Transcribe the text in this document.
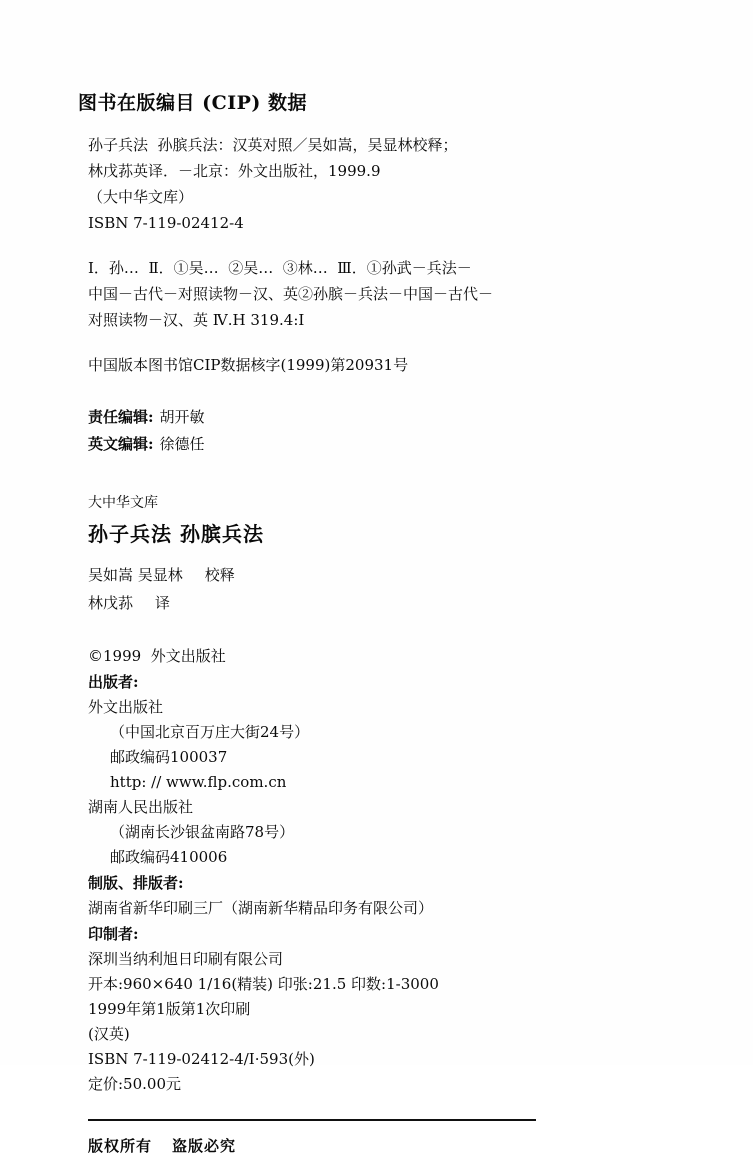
图书在版编目 (CIP) 数据
孙子兵法  孙膑兵法：汉英对照／吴如嵩，吴显林校释；
林戊荪英译．－北京：外文出版社，1999.9
（大中华文库）
ISBN 7-119-02412-4
Ⅰ．孙…  Ⅱ．①吴…  ②吴…  ③林…  Ⅲ．①孙武－兵法－
中国－古代－对照读物－汉、英②孙膑－兵法－中国－古代－
对照读物－汉、英 Ⅳ.H 319.4:Ⅰ
中国版本图书馆CIP数据核字(1999)第20931号
责任编辑: 胡开敏
英文编辑: 徐德任
大中华文库
孙子兵法 孙膑兵法
吴如嵩 吴显林 校释
林戊荪 译
©1999 外文出版社
出版者:
外文出版社
（中国北京百万庄大街24号）
邮政编码100037
http: // www.flp.com.cn
湖南人民出版社
（湖南长沙银盆南路78号）
邮政编码410006
制版、排版者:
湖南省新华印刷三厂（湖南新华精品印务有限公司）
印制者:
深圳当纳利旭日印刷有限公司
开本:960×640 1/16(精装) 印张:21.5 印数:1-3000
1999年第1版第1次印刷
(汉英)
ISBN 7-119-02412-4/Ⅰ·593(外)
定价:50.00元
版权所有 盗版必究
